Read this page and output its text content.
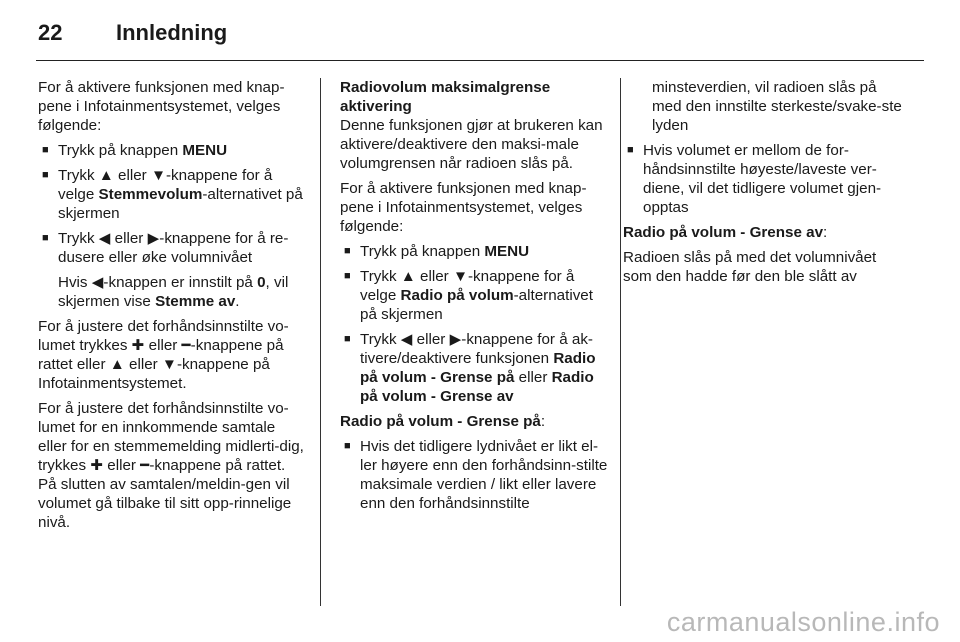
22 Innledning

For å aktivere funksjonen med knap-pene i Infotainmentsystemet, velges følgende:

■ Trykk på knappen MENU
■ Trykk ▲ eller ▼-knappene for å velge Stemmevolum-alternativet på skjermen
■ Trykk ◀ eller ▶-knappene for å re-dusere eller øke volumnivået
Hvis ◀-knappen er innstilt på 0, vil skjermen vise Stemme av.

For å justere det forhåndsinnstilte vo-lumet trykkes ✚ eller ━-knappene på rattet eller ▲ eller ▼-knappene på Infotainmentsystemet.

For å justere det forhåndsinnstilte vo-lumet for en innkommende samtale eller for en stemmemelding midlerti-dig, trykkes ✚ eller ━-knappene på rattet. På slutten av samtalen/meldin-gen vil volumet gå tilbake til sitt opp-rinnelige nivå.

Radiovolum maksimalgrense aktivering

Denne funksjonen gjør at brukeren kan aktivere/deaktivere den maksi-male volumgrensen når radioen slås på.

For å aktivere funksjonen med knap-pene i Infotainmentsystemet, velges følgende:

■ Trykk på knappen MENU
■ Trykk ▲ eller ▼-knappene for å velge Radio på volum-alternativet på skjermen
■ Trykk ◀ eller ▶-knappene for å ak-tivere/deaktivere funksjonen Radio på volum - Grense på eller Radio på volum - Grense av

Radio på volum - Grense på:

■ Hvis det tidligere lydnivået er likt el-ler høyere enn den forhåndsinn-stilte maksimale verdien / likt eller lavere enn den forhåndsinnstilte

minsteverdien, vil radioen slås på med den innstilte sterkeste/svake-ste lyden

■ Hvis volumet er mellom de for-håndsinnstilte høyeste/laveste ver-diene, vil det tidligere volumet gjen-opptas

Radio på volum - Grense av:

Radioen slås på med det volumnivået som den hadde før den ble slått av

carmanualsonline.info
